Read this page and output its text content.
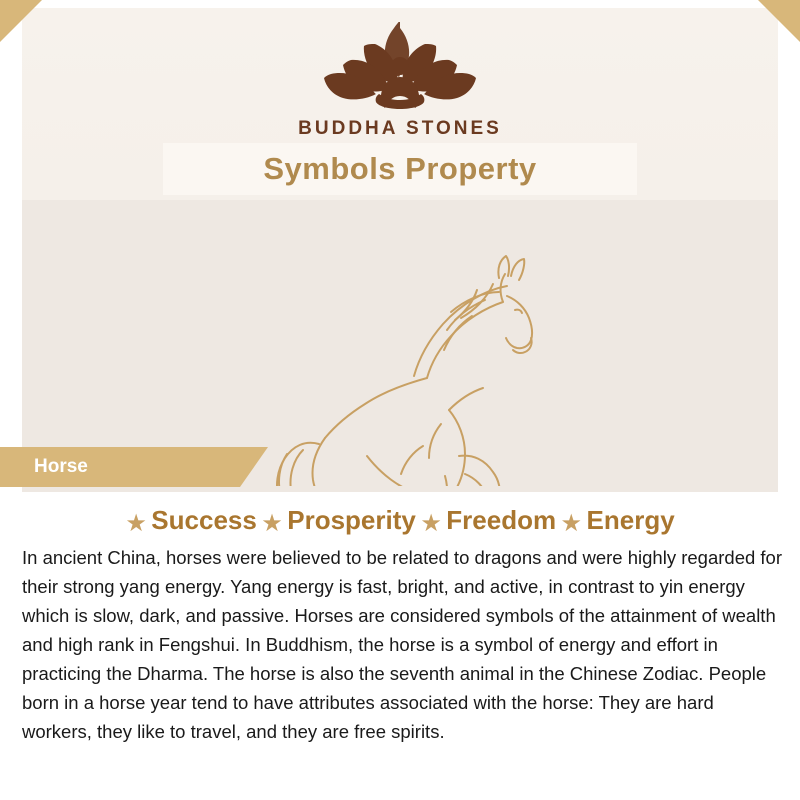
BUDDHA STONES
Symbols Property
Horse
★ Success ★ Prosperity ★ Freedom ★ Energy
In ancient China, horses were believed to be related to dragons and were highly regarded for their strong yang energy. Yang energy is fast, bright, and active, in contrast to yin energy which is slow, dark, and passive. Horses are considered symbols of the attainment of wealth and high rank in Fengshui. In Buddhism, the horse is a symbol of energy and effort in practicing the Dharma. The horse is also the seventh animal in the Chinese Zodiac. People born in a horse year tend to have attributes associated with the horse: They are hard workers, they like to travel, and they are free spirits.
